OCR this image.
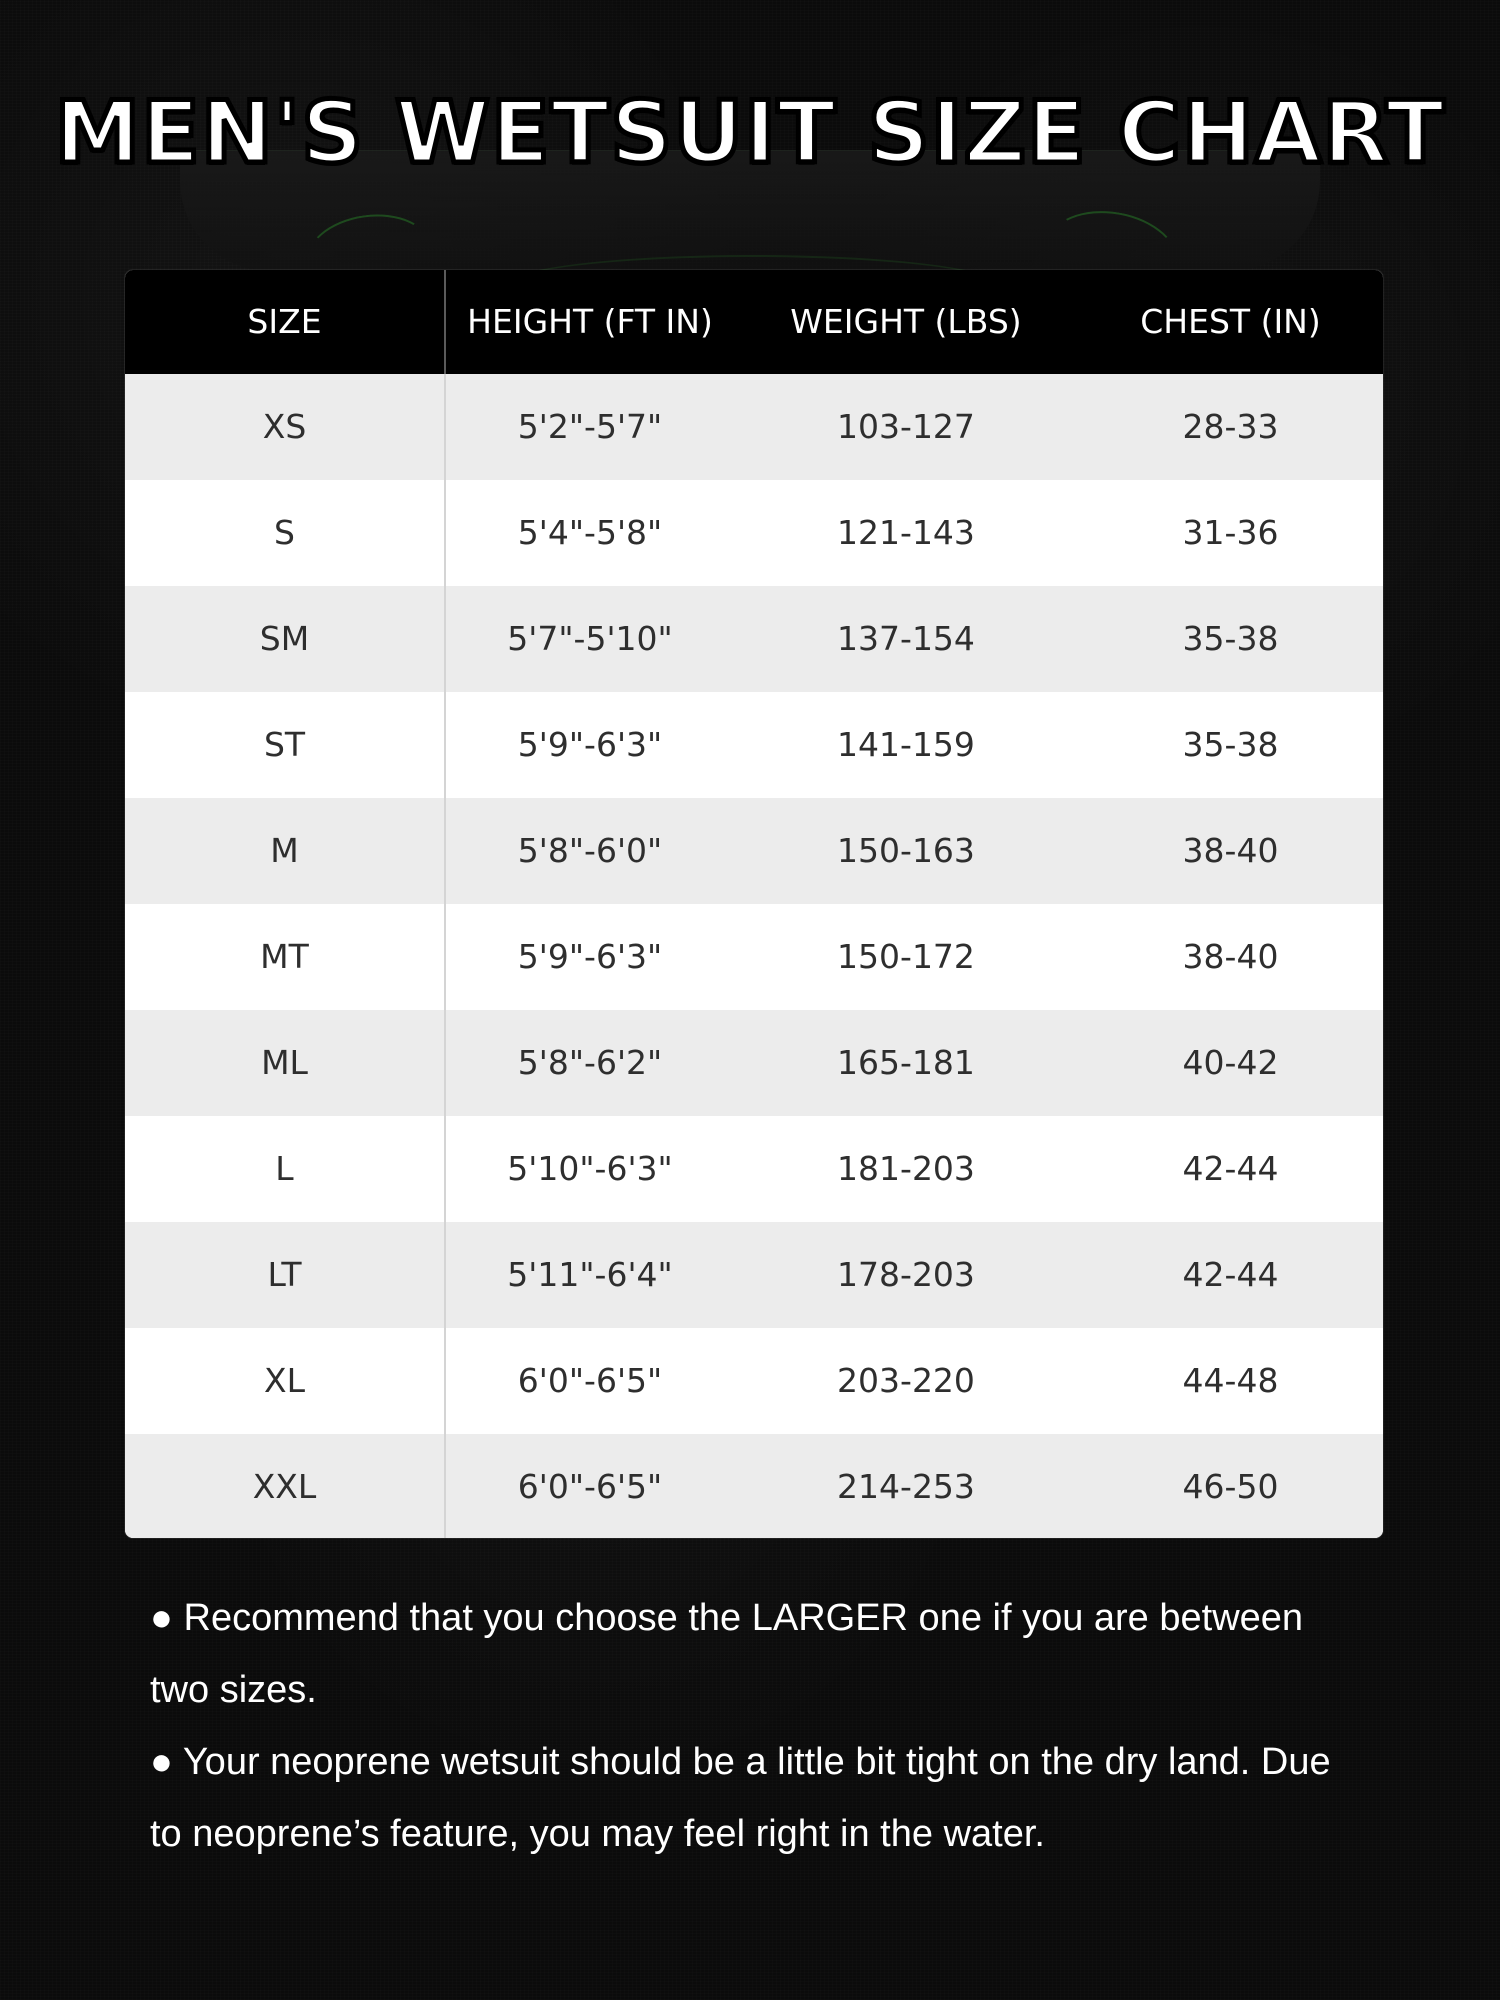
MEN'S WETSUIT SIZE CHART
SIZE	HEIGHT (FT IN)	WEIGHT (LBS)	CHEST (IN)
XS	5'2"-5'7"	103-127	28-33
S	5'4"-5'8"	121-143	31-36
SM	5'7"-5'10"	137-154	35-38
ST	5'9"-6'3"	141-159	35-38
M	5'8"-6'0"	150-163	38-40
MT	5'9"-6'3"	150-172	38-40
ML	5'8"-6'2"	165-181	40-42
L	5'10"-6'3"	181-203	42-44
LT	5'11"-6'4"	178-203	42-44
XL	6'0"-6'5"	203-220	44-48
XXL	6'0"-6'5"	214-253	46-50

● Recommend that you choose the LARGER one if you are between two sizes.

● Your neoprene wetsuit should be a little bit tight on the dry land. Due to neoprene’s feature, you may feel right in the water.
